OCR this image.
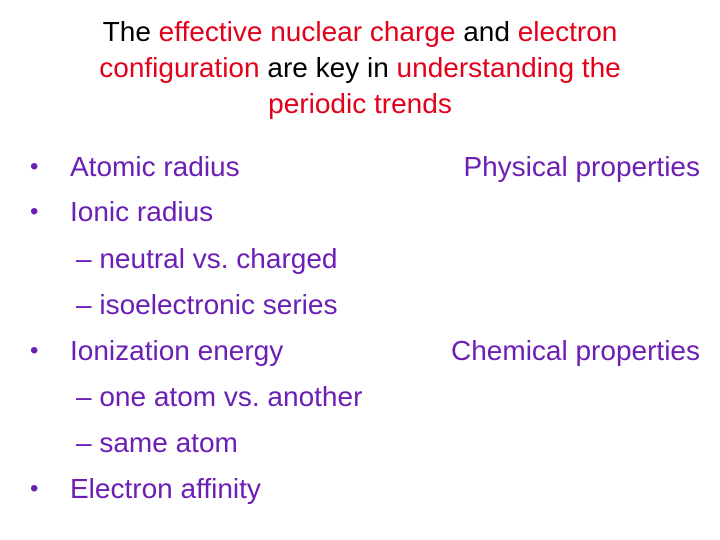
The effective nuclear charge and electron
configuration are key in understanding the
periodic trends
•	Atomic radius
•	Ionic radius
– neutral vs. charged
– isoelectronic series
•	Ionization energy
– one atom vs. another
– same atom
•	Electron affinity
Physical properties
Chemical properties
